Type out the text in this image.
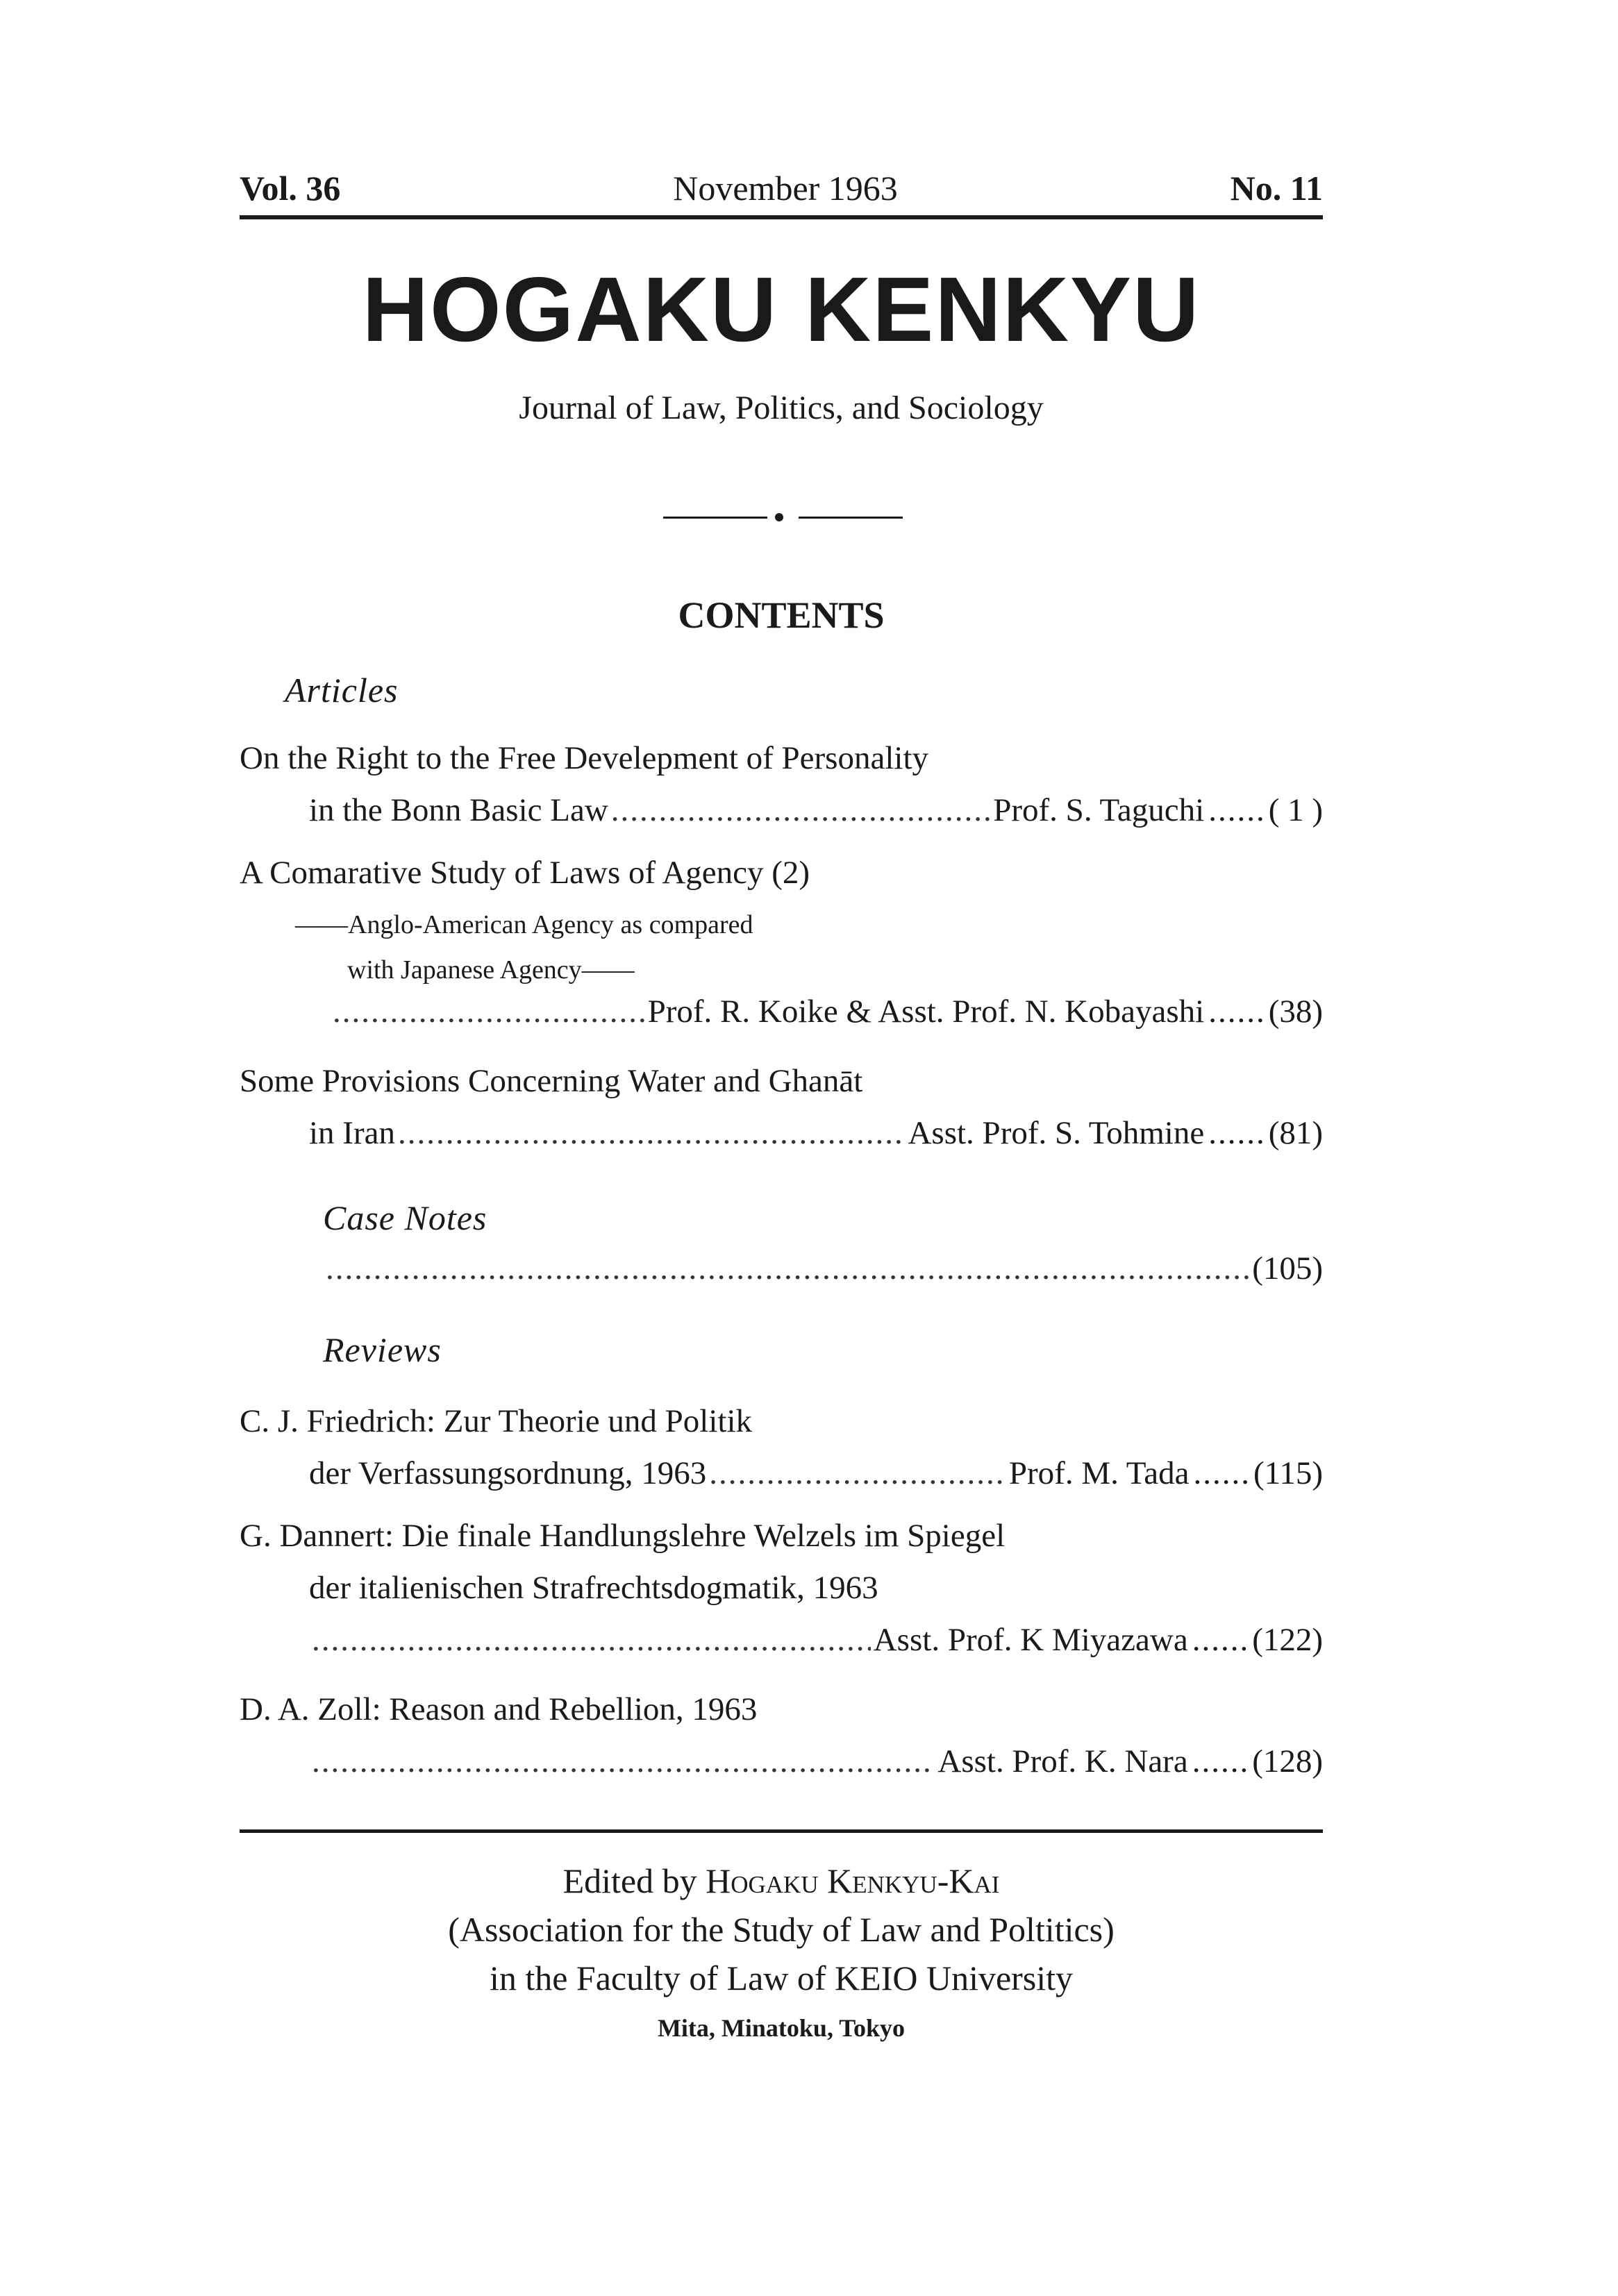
Vol. 36	November 1963	No. 11
HOGAKU KENKYU
Journal of Law, Politics, and Sociology
CONTENTS
Articles
On the Right to the Free Develepment of Personality
in the Bonn Basic Law .....	Prof. S. Taguchi ...... ( 1 )
A Comarative Study of Laws of Agency (2)
——Anglo-American Agency as compared
with Japanese Agency——
.....
Prof. R. Koike & Asst. Prof. N. Kobayashi ...... (38)
Some Provisions Concerning Water and Ghanāt
in Iran .....	Asst. Prof. S. Tohmine ...... (81)
Case Notes
.....
(105)
Reviews
C. J. Friedrich: Zur Theorie und Politik
der Verfassungsordnung, 1963 .....	Prof. M. Tada ...... (115)
G. Dannert: Die finale Handlungslehre Welzels im Spiegel
der italienischen Strafrechtsdogmatik, 1963
.....
Asst. Prof. K Miyazawa ...... (122)
D. A. Zoll: Reason and Rebellion, 1963
.....
Asst. Prof. K. Nara ...... (128)
Edited by Hogaku Kenkyu-Kai
(Association for the Study of Law and Poltitics)
in the Faculty of Law of KEIO University
Mita, Minatoku, Tokyo
